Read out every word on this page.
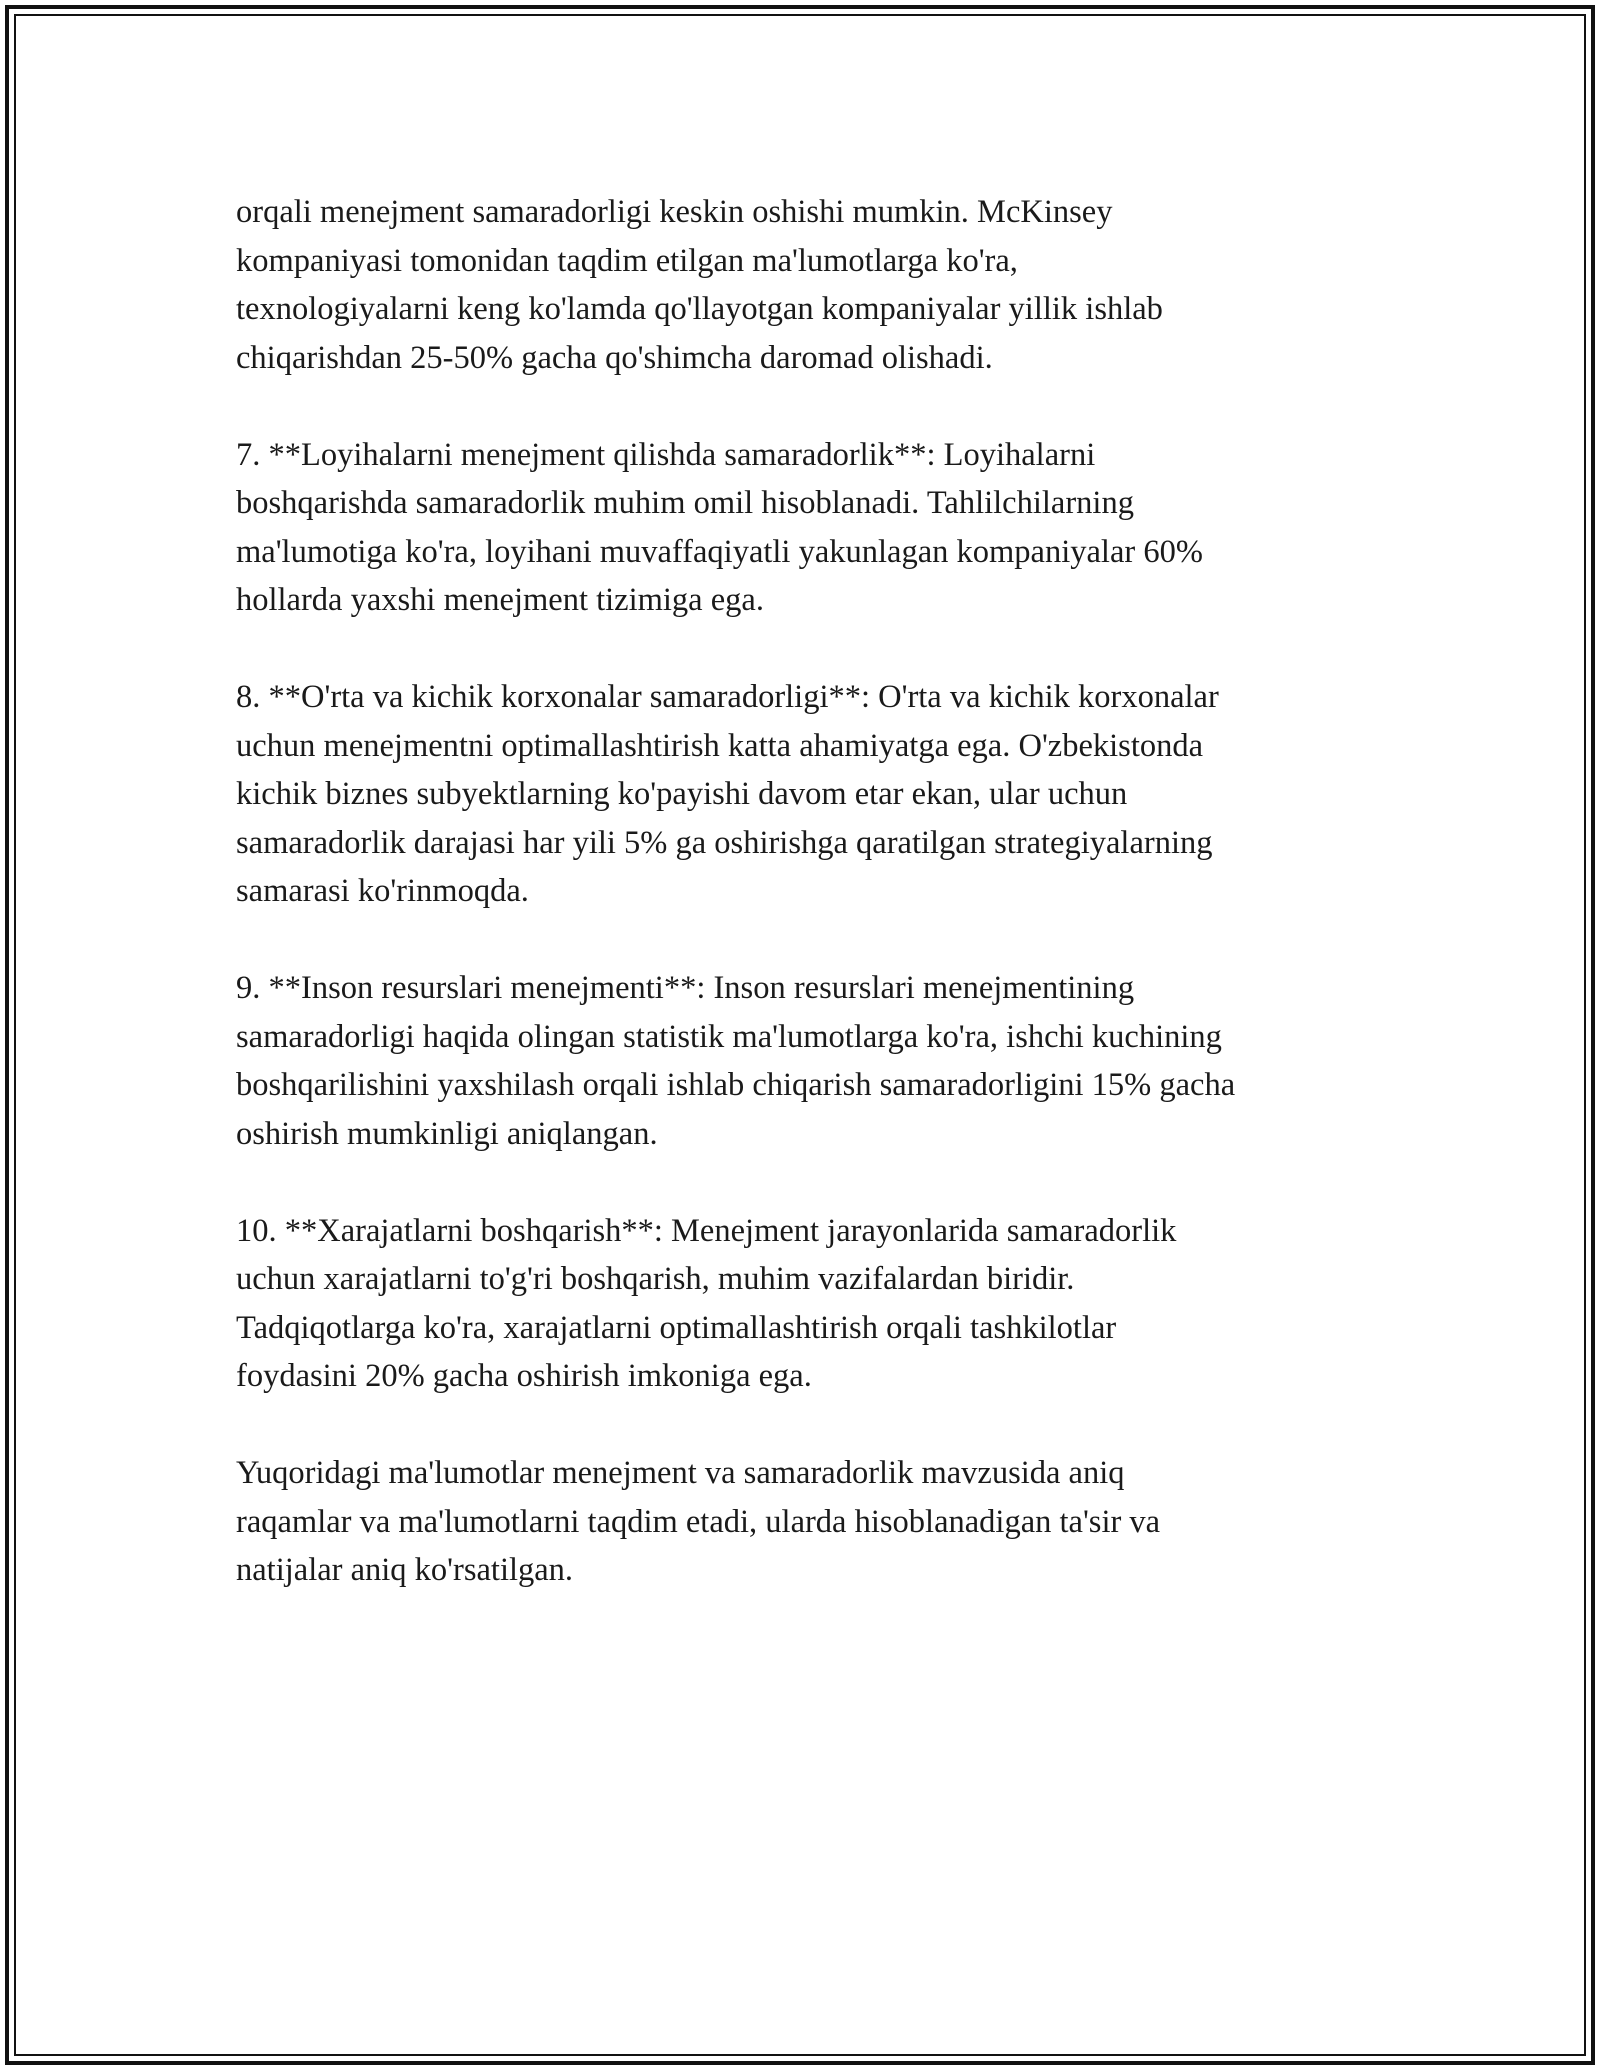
orqali menejment samaradorligi keskin oshishi mumkin. McKinsey
kompaniyasi tomonidan taqdim etilgan ma'lumotlarga ko'ra,
texnologiyalarni keng ko'lamda qo'llayotgan kompaniyalar yillik ishlab
chiqarishdan 25-50% gacha qo'shimcha daromad olishadi.

7. **Loyihalarni menejment qilishda samaradorlik**: Loyihalarni
boshqarishda samaradorlik muhim omil hisoblanadi. Tahlilchilarning
ma'lumotiga ko'ra, loyihani muvaffaqiyatli yakunlagan kompaniyalar 60%
hollarda yaxshi menejment tizimiga ega.

8. **O'rta va kichik korxonalar samaradorligi**: O'rta va kichik korxonalar
uchun menejmentni optimallashtirish katta ahamiyatga ega. O'zbekistonda
kichik biznes subyektlarning ko'payishi davom etar ekan, ular uchun
samaradorlik darajasi har yili 5% ga oshirishga qaratilgan strategiyalarning
samarasi ko'rinmoqda.

9. **Inson resurslari menejmenti**: Inson resurslari menejmentining
samaradorligi haqida olingan statistik ma'lumotlarga ko'ra, ishchi kuchining
boshqarilishini yaxshilash orqali ishlab chiqarish samaradorligini 15% gacha
oshirish mumkinligi aniqlangan.

10. **Xarajatlarni boshqarish**: Menejment jarayonlarida samaradorlik
uchun xarajatlarni to'g'ri boshqarish, muhim vazifalardan biridir.
Tadqiqotlarga ko'ra, xarajatlarni optimallashtirish orqali tashkilotlar
foydasini 20% gacha oshirish imkoniga ega.

Yuqoridagi ma'lumotlar menejment va samaradorlik mavzusida aniq
raqamlar va ma'lumotlarni taqdim etadi, ularda hisoblanadigan ta'sir va
natijalar aniq ko'rsatilgan.
